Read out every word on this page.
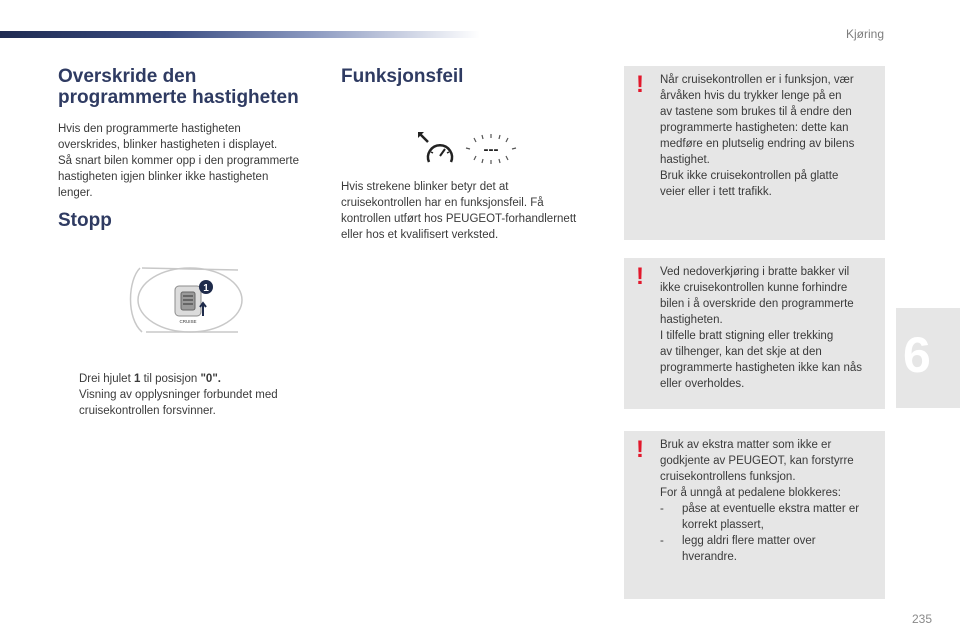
Kjøring
Overskride den
programmerte hastigheten
Hvis den programmerte hastigheten
overskrides, blinker hastigheten i displayet.
Så snart bilen kommer opp i den programmerte
hastigheten igjen blinker ikke hastigheten
lenger.
Stopp
1
CRUISE
Drei hjulet 1 til posisjon "0".
Visning av opplysninger forbundet med
cruisekontrollen forsvinner.
Funksjonsfeil
---
Hvis strekene blinker betyr det at
cruisekontrollen har en funksjonsfeil. Få
kontrollen utført hos PEUGEOT-forhandlernett
eller hos et kvalifisert verksted.
! Når cruisekontrollen er i funksjon, vær
årvåken hvis du trykker lenge på en
av tastene som brukes til å endre den
programmerte hastigheten: dette kan
medføre en plutselig endring av bilens
hastighet.
Bruk ikke cruisekontrollen på glatte
veier eller i tett trafikk.
! Ved nedoverkjøring i bratte bakker vil
ikke cruisekontrollen kunne forhindre
bilen i å overskride den programmerte
hastigheten.
I tilfelle bratt stigning eller trekking
av tilhenger, kan det skje at den
programmerte hastigheten ikke kan nås
eller overholdes.
! Bruk av ekstra matter som ikke er
godkjente av PEUGEOT, kan forstyrre
cruisekontrollens funksjon.
For å unngå at pedalene blokkeres:
- påse at eventuelle ekstra matter er
korrekt plassert,
- legg aldri flere matter over
hverandre.
6
235
